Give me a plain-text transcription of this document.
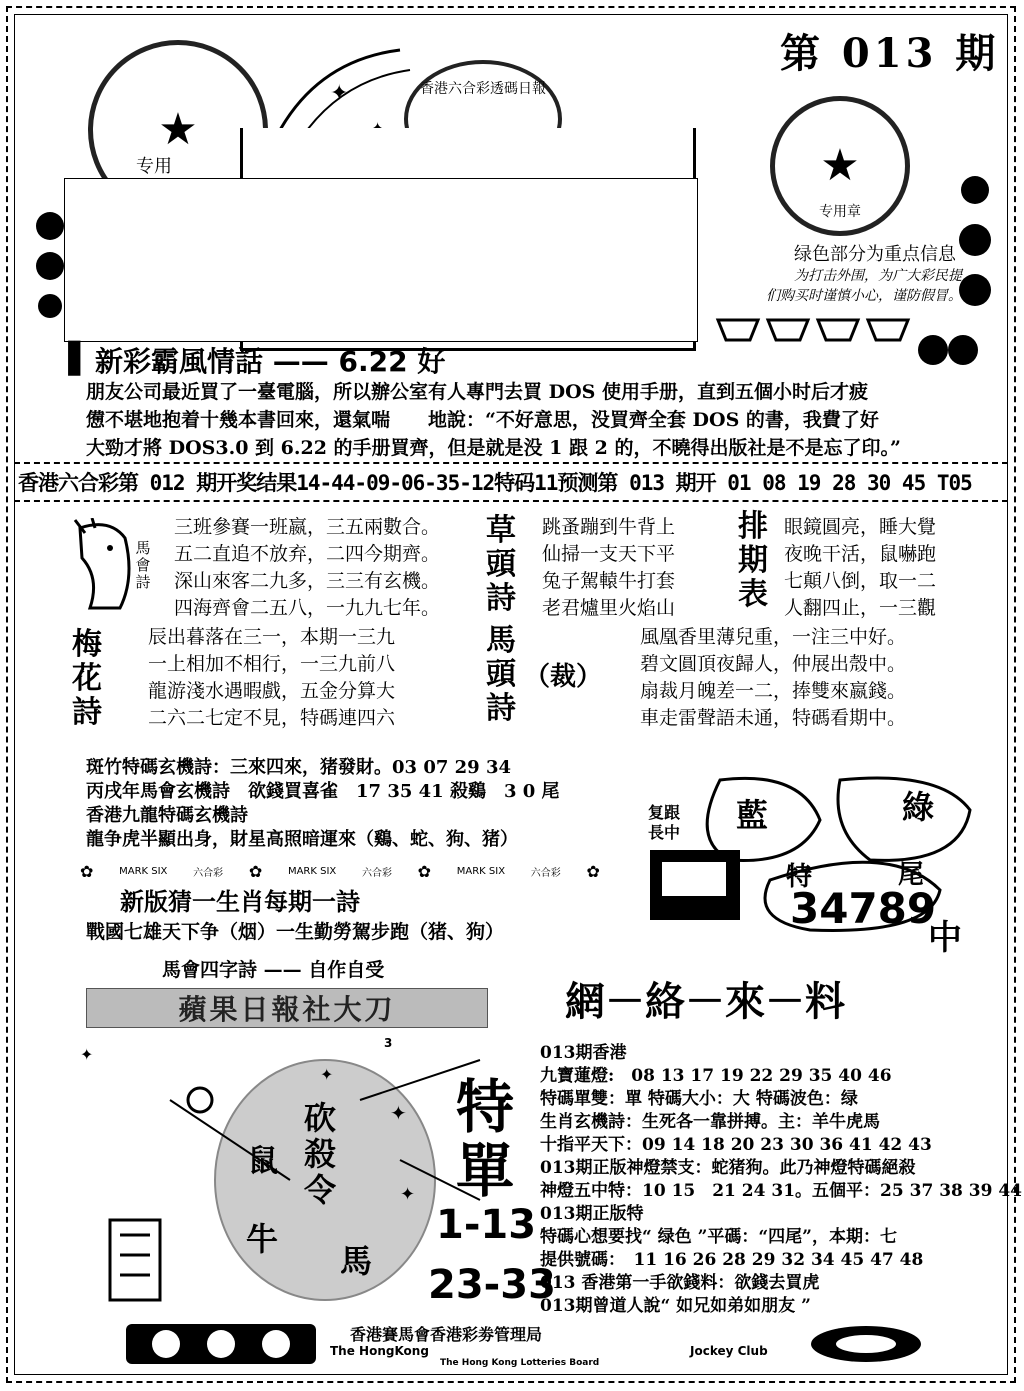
★
专用
香港六合彩透碼日報
★
专用章
✦
第 013 期
绿色部分为重点信息
为打击外围，为广大彩民提
们购买时谨慎小心，谨防假冒。
❚ 新彩霸風情話 —— 6.22 好
朋友公司最近買了一臺電腦，所以辦公室有人專門去買 DOS 使用手册，直到五個小时后才疲
憊不堪地抱着十幾本書回來，還氣喘　　地說：“不好意思，没買齊全套 DOS 的書，我費了好
大勁才將 DOS3.0 到 6.22 的手册買齊，但是就是没 1 跟 2 的，不曉得出版社是不是忘了印。”
香港六合彩第 012 期开奖结果14-44-09-06-35-12特码11预测第 013 期开 01 08 19 28 30 45 T05
馬
會
詩
三班參賽一班嬴，三五兩數合。
五二直追不放弃，二四今期齊。
深山來客二九多，三三有玄機。
四海齊會二五八，一九九七年。
草
頭
詩
跳蚤蹦到牛背上
仙掃一支天下平
兔子駕轅牛打套
老君爐里火焰山
排
期
表
眼鏡圓亮，睡大覺
夜晚干活，鼠嚇跑
七顛八倒，取一二
人翻四止，一三觀
梅
花
詩
辰出暮落在三一，本期一三九
一上相加不相行，一三九前八
龍游淺水遇暇戲，五金分算大
二六二七定不見，特碼連四六
馬
頭
詩
（裁）
風凰香里薄兒重，一注三中好。
碧文圓頂夜歸人，仲展出殼中。
扇裁月魄差一二，捧雙來嬴錢。
車走雷聲語未通，特碼看期中。
斑竹特碼玄機詩：三來四來，猪發財。03 07 29 34
丙戌年馬會玄機詩　欲錢買喜雀　17 35 41 殺鷄　3 0 尾
香港九龍特碼玄機詩
龍争虎半顯出身，財星高照暗運來（鷄、蛇、狗、猪）
✿	MARK SIX	六合彩 ✿	MARK SIX	六合彩 ✿	MARK SIX	六合彩 ✿
新版猜一生肖每期一詩
戰國七雄天下争（烟）一生勤勞駕步跑（猪、狗）
馬會四字詩 —— 自作自受
蘋果日報社大刀
复跟
長中 藍	綠
特	尾
34789
中
網－絡－來－料
✦
✦
✦
✦
砍殺令
鼠
牛
馬
3
特
單
1-13
23-33
013期香港
九寶蓮燈:　08 13 17 19 22 29 35 40 46
特碼單雙：單 特碼大小：大 特碼波色：绿
生肖玄機詩：生死各一靠拼搏。主：羊牛虎馬
十指平天下：09 14 18 20 23 30 36 41 42 43
013期正版神燈禁支：蛇猪狗。此乃神燈特碼絕殺
神燈五中特：10 15　21 24 31。五個平：25 37 38 39 44
013期正版特
特碼心想要找“ 绿色 ”平碼：“四尾”，本期：七
提供號碼：　11 16 26 28 29 32 34 45 47 48
013 香港第一手欲錢料：欲錢去買虎
013期曾道人說“ 如兄如弟如朋友 ”
香港賽馬會香港彩劵管理局
The HongKong	Jockey Club
The Hong Kong Lotteries Board
